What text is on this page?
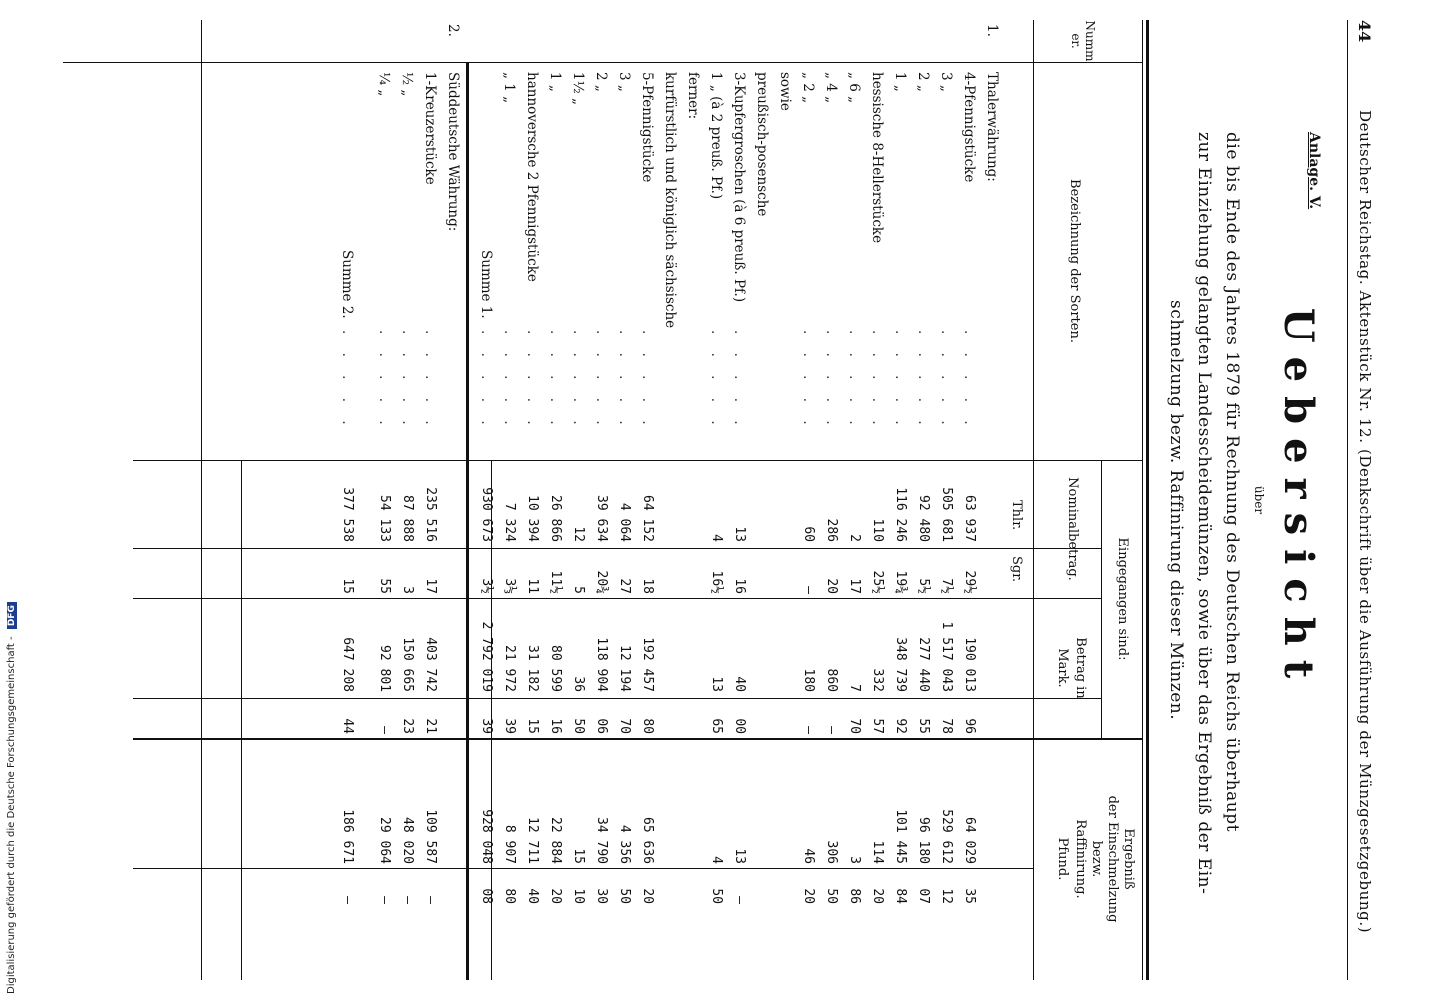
44
Deutscher Reichstag. Aktenstück Nr. 12. (Denkschrift über die Ausführung der Münzgesetzgebung.)
Anlage. V.
Uebersicht
über
die bis Ende des Jahres 1879 für Rechnung des Deutschen Reichs überhaupt
zur Einziehung gelangten Landesscheidemünzen, sowie über das Ergebniß der Ein-
schmelzung bezw. Raffinirung dieser Münzen.
Nummer.
Bezeichnung der Sorten.
Eingegangen sind:
Nominalbetrag.
Betrag in
Mark.
Ergebniß
der Einschmelzung
bezw.
Raffinirung.
Pfund.
Thlr.
Sgr.
1.
Thalerwährung:
4-Pfennigstücke
63 937
29½
190 013
96
64 029
35
. . . . .
3 „
505 681
7½
1 517 043
78
529 612
12
. . . . .
2 „
92 480
5½
277 440
55
96 180
07
. . . . .
1 „
116 246
19¾
348 739
92
101 445
84
. . . . .
hessische 8-Hellerstücke
110
25½
332
57
114
20
. . . . .
„ 6 „
2
17
7
70
3
86
. . . . .
„ 4 „
286
20
860
—
306
50
. . . . .
„ 2 „
60
—
180
—
46
20
. . . . .
sowie
preußisch-posensche
3-Kupfergroschen (à 6 preuß. Pf.)
13
16
40
00
13
—
. . . . .
1 „ (à 2 preuß. Pf.)
4
16½
13
65
4
50
. . . . .
ferner:
kurfürstlich und königlich sächsische
5-Pfennigstücke
64 152
18
192 457
80
65 636
20
. . . . .
3 „
4 064
27
12 194
70
4 356
50
. . . . .
2 „
39 634
20¾
118 904
06
34 790
30
. . . . .
1½ „
12
5
36
50
15
10
. . . . .
1 „
26 866
11½
80 599
16
22 884
20
. . . . .
hannoversche 2 Pfennigstücke
10 394
11
31 182
15
12 711
40
. . . . .
„ 1 „
7 324
3⅓
21 972
39
8 907
80
. . . . .
Summe 1.
930 673
3½
2 792 019
39
928 048
08
. . . . .
2.
Süddeutsche Währung:
1-Kreuzerstücke
235 516
17
403 742
21
109 587
—
. . . . .
½ „
87 888
3
150 665
23
48 020
—
. . . . .
¼ „
54 133
55
92 801
—
29 064
—
. . . . .
Summe 2.
377 538
15
647 208
44
186 671
—
. . . . .
Digitalisierung gefördert durch die Deutsche Forschungsgemeinschaft - DFG
